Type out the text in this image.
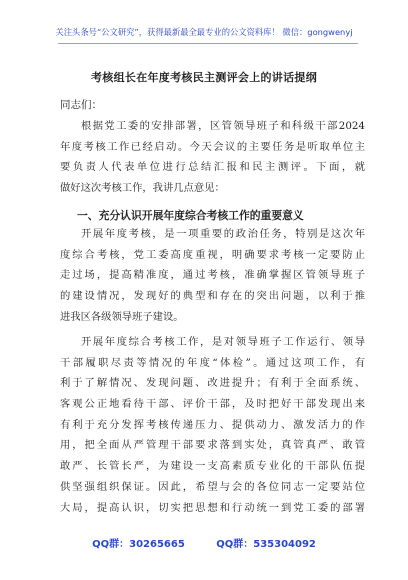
关注头条号“公文研究”，获得最新最全最专业的公文资料库！ 微信：gongwenyj
考核组长在年度考核民主测评会上的讲话提纲
同志们：
根据党工委的安排部署，区管领导班子和科级干部2024
年度考核工作已经启动。今天会议的主要任务是听取单位主
要负责人代表单位进行总结汇报和民主测评。下面，就
做好这次考核工作，我讲几点意见：
一、充分认识开展年度综合考核工作的重要意义
开展年度考核，是一项重要的政治任务，特别是这次年
度综合考核，党工委高度重视，明确要求考核一定要防止
走过场，提高精准度，通过考核，准确掌握区管领导班子
的建设情况，发现好的典型和存在的突出问题，以利于推
进我区各级领导班子建设。
开展年度综合考核工作，是对领导班子工作运行、领导
干部履职尽责等情况的年度“体检”。通过这项工作，有
利于了解情况、发现问题、改进提升；有利于全面系统、
客观公正地看待干部、评价干部，及时把好干部发现出来
有利于充分发挥考核传递压力、提供动力、激发活力的作
用，把全面从严管理干部要求落到实处，真管真严、敢管
敢严、长管长严，为建设一支高素质专业化的干部队伍提
供坚强组织保证。因此，希望与会的各位同志一定要站位
大局，提高认识，切实把思想和行动统一到党工委的部署
QQ群：30265665	QQ群：535304092
